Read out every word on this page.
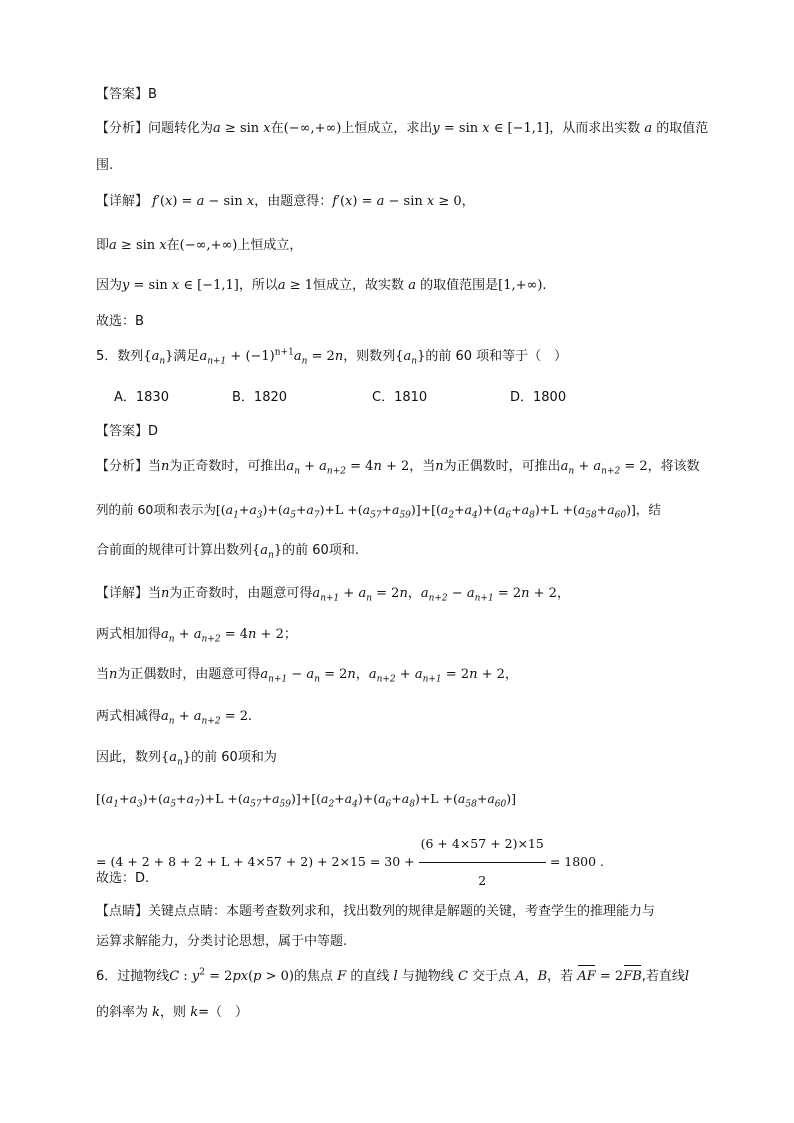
【答案】B
【分析】问题转化为a ≥ sin x在(−∞,+∞)上恒成立，求出y = sin x ∈ [−1,1]，从而求出实数 a 的取值范
围.
【详解】 f′(x) = a − sin x，由题意得：f′(x) = a − sin x ≥ 0，
即a ≥ sin x在(−∞,+∞)上恒成立，
因为y = sin x ∈ [−1,1]，所以a ≥ 1恒成立，故实数 a 的取值范围是[1,+∞).
故选：B
5．数列$\{a_n\}$满足$a_{n+1} + (-1)^{n+1}a_n = 2n$，则数列$\{a_n\}$的前 60 项和等于（　）
A．1830	B．1820	C．1810	D．1800
【答案】D
【分析】当n为正奇数时，可推出$a_n + a_{n+2} = 4n + 2$，当n为正偶数时，可推出$a_n + a_{n+2} = 2$，将该数
列的前 60项和表示为$[(a_1+a_3)+(a_5+a_7)+L +(a_{57}+a_{59})]+[(a_2+a_4)+(a_6+a_8)+L +(a_{58}+a_{60})]$，结
合前面的规律可计算出数列$\{a_n\}$的前 60项和.
【详解】当n为正奇数时，由题意可得$a_{n+1} + a_n = 2n$，$a_{n+2} - a_{n+1} = 2n + 2$，
两式相加得$a_n + a_{n+2} = 4n + 2$；
当n为正偶数时，由题意可得$a_{n+1} - a_n = 2n$，$a_{n+2} + a_{n+1} = 2n + 2$，
两式相减得$a_n + a_{n+2} = 2$.
因此，数列$\{a_n\}$的前 60项和为
$[(a_1+a_3)+(a_5+a_7)+L +(a_{57}+a_{59})]+[(a_2+a_4)+(a_6+a_8)+L +(a_{58}+a_{60})]$
= $(4 + 2 + 8 + 2 + L + 4\times 57 + 2) + 2\times 15 = 30 + \frac{(6 + 4\times 57 + 2)\times 15}{2} = 1800$ .
故选：D.
【点睛】关键点点睛：本题考查数列求和，找出数列的规律是解题的关键，考查学生的推理能力与
运算求解能力，分类讨论思想，属于中等题.
6．过抛物线C : $y^2 = 2px(p > 0)$的焦点 F 的直线 l 与抛物线 C 交于点 A，B，若 AF = 2FB,若直线l
的斜率为 k，则 k=（　）
